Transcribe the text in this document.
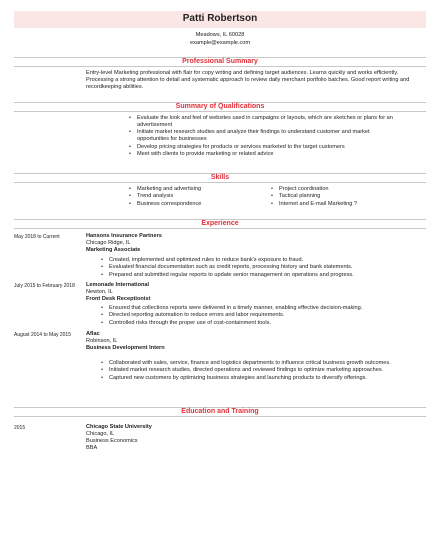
Patti Robertson
Meadows, IL 60028
example@example.com
Professional Summary
Entry-level Marketing professional with flair for copy writing and defining target audiences. Learns quickly and works efficiently. Processing a strong attention to detail and systematic approach to review daily merchant portfolio batches. Good report writing and recordkeeping abilities.
Summary of Qualifications
• Evaluate the look and feel of websites used in campaigns or layouts, which are sketches or plans for an advertisement
• Initiate market research studies and analyze their findings to understand customer and market opportunities for businesses
• Develop pricing strategies for products or services marketed to the target customers
• Meet with clients to provide marketing or related advice
Skills
• Marketing and advertising
• Trend analysis
• Business correspondence
• Project coordination
• Tactical planning
• Internet and E-mail Marketing ?
Experience
May 2018 to Current	Hansons Insurance Partners
Chicago Ridge, IL
Marketing Associate
• Created, implemented and optimized rules to reduce bank's exposure to fraud.
• Evaluated financial documentation such as credit reports, processing history and bank statements.
• Prepared and submitted regular reports to update senior management on operations and progress.
July 2015 to February 2018 Lemonade International
Newton, IL
Front Desk Receptionist
• Ensured that collections reports were delivered in a timely manner, enabling effective decision-making.
• Directed reporting automation to reduce errors and labor requirements.
• Controlled risks through the proper use of cost-containment tools.
August 2014 to May 2015	Aflac
Robinson, IL
Business Development Intern
• Collaborated with sales, service, finance and logistics departments to influence critical business growth outcomes.
• Initiated market research studies, directed operations and reviewed findings to optimize marketing approaches.
• Captured new customers by optimizing business strategies and launching products to diversify offerings.
Education and Training
2015	Chicago State University
Chicago, IL
Business Economics
BBA
